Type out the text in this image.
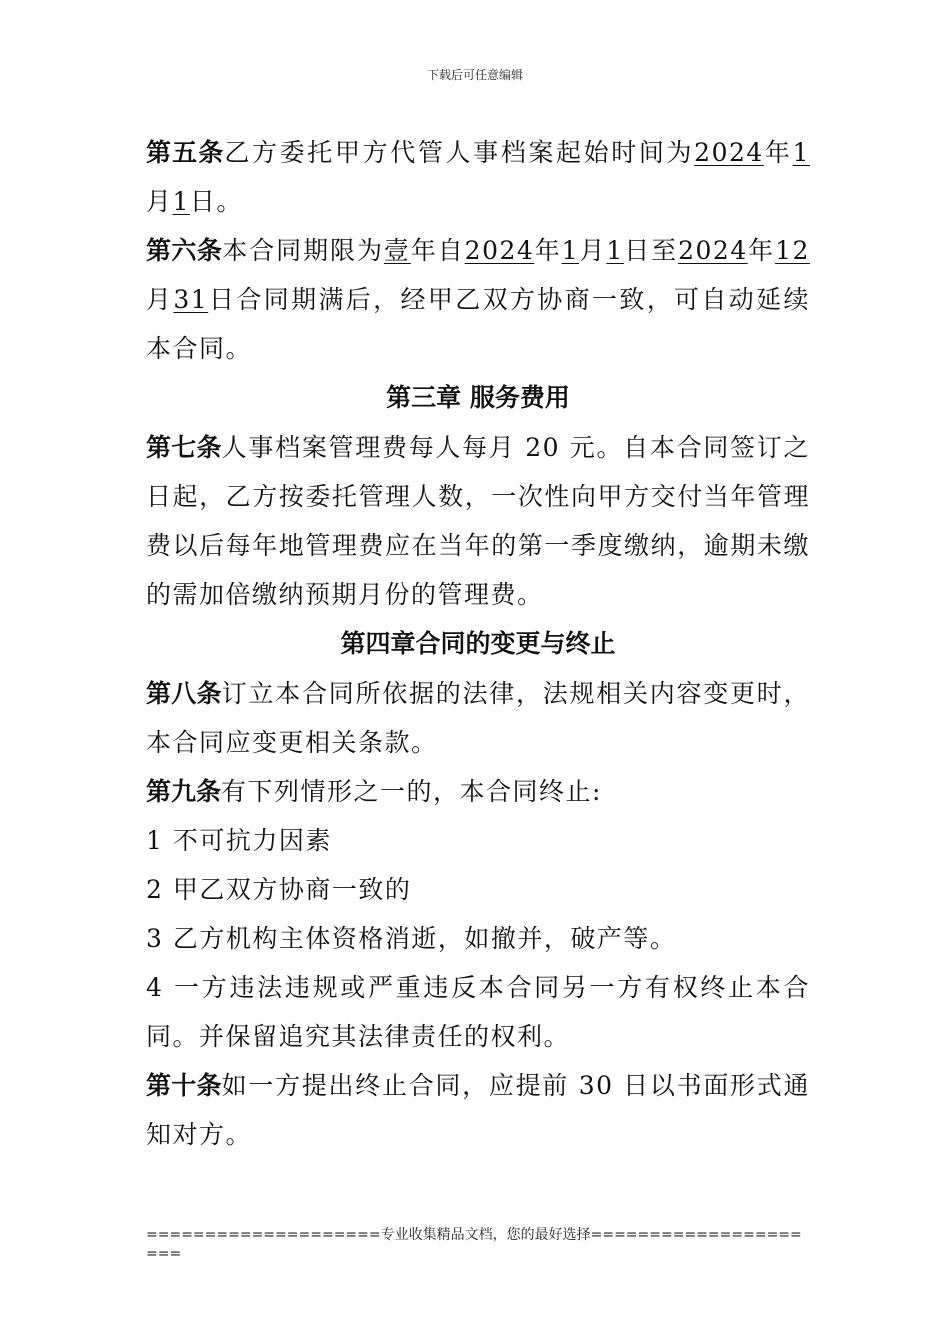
下载后可任意编辑

第五条乙方委托甲方代管人事档案起始时间为2024年1月1日。

第六条本合同期限为壹年自2024年1月1日至2024年12月31日合同期满后，经甲乙双方协商一致，可自动延续本合同。

第三章 服务费用

第七条人事档案管理费每人每月 20 元。自本合同签订之日起，乙方按委托管理人数，一次性向甲方交付当年管理费以后每年地管理费应在当年的第一季度缴纳，逾期未缴的需加倍缴纳预期月份的管理费。

第四章合同的变更与终止

第八条订立本合同所依据的法律，法规相关内容变更时，本合同应变更相关条款。

第九条有下列情形之一的，本合同终止:

1 不可抗力因素

2 甲乙双方协商一致的

3 乙方机构主体资格消逝，如撤并，破产等。

4 一方违法违规或严重违反本合同另一方有权终止本合同。并保留追究其法律责任的权利。

第十条如一方提出终止合同，应提前 30 日以书面形式通知对方。

====================专业收集精品文档，您的最好选择=====================
